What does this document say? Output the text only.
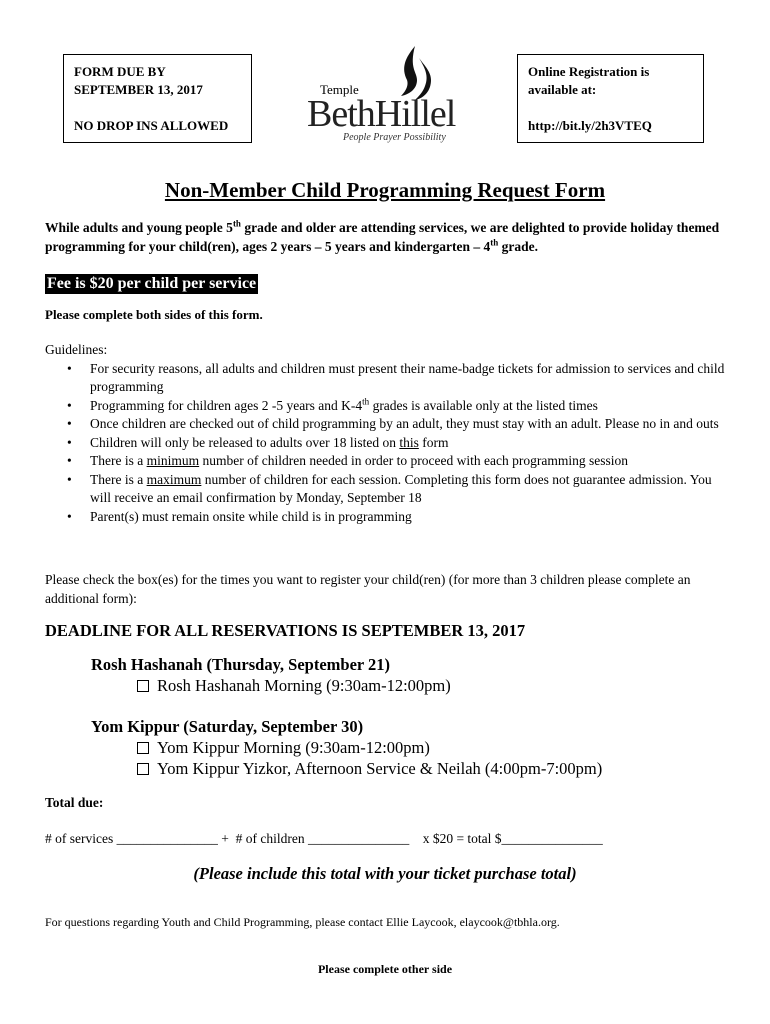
FORM DUE BY
SEPTEMBER 13, 2017
NO DROP INS ALLOWED
Temple
BethHillel
People Prayer Possibility
Online Registration is
available at:
http://bit.ly/2h3VTEQ
Non-Member Child Programming Request Form
While adults and young people 5th grade and older are attending services, we are delighted to provide holiday themed programming for your child(ren), ages 2 years – 5 years and kindergarten – 4th grade.
Fee is $20 per child per service
Please complete both sides of this form.
Guidelines:
• For security reasons, all adults and children must present their name-badge tickets for admission to services and child programming
• Programming for children ages 2 -5 years and K-4th grades is available only at the listed times
• Once children are checked out of child programming by an adult, they must stay with an adult. Please no in and outs
• Children will only be released to adults over 18 listed on this form
• There is a minimum number of children needed in order to proceed with each programming session
• There is a maximum number of children for each session. Completing this form does not guarantee admission. You will receive an email confirmation by Monday, September 18
• Parent(s) must remain onsite while child is in programming
Please check the box(es) for the times you want to register your child(ren) (for more than 3 children please complete an additional form):
DEADLINE FOR ALL RESERVATIONS IS SEPTEMBER 13, 2017
Rosh Hashanah (Thursday, September 21)
Rosh Hashanah Morning (9:30am-12:00pm)
Yom Kippur (Saturday, September 30)
Yom Kippur Morning (9:30am-12:00pm)
Yom Kippur Yizkor, Afternoon Service & Neilah (4:00pm-7:00pm)
Total due:
# of services _______________ +  # of children _______________    x $20 = total $_______________
(Please include this total with your ticket purchase total)
For questions regarding Youth and Child Programming, please contact Ellie Laycook, elaycook@tbhla.org.
Please complete other side
